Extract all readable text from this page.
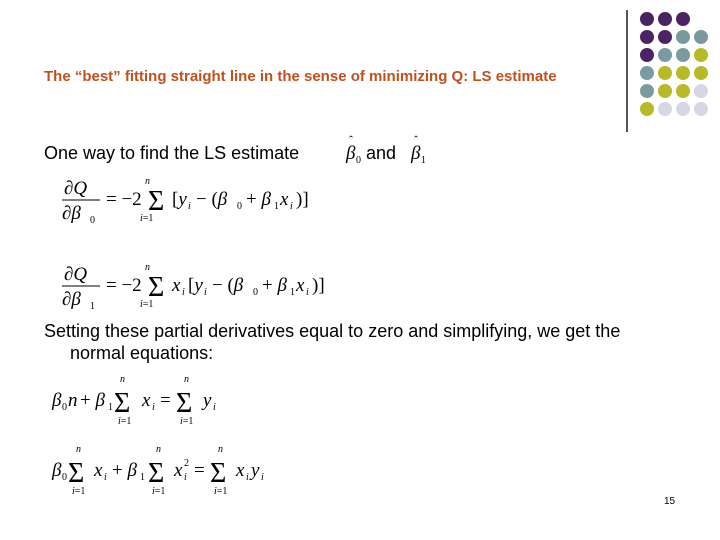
The “best” fitting straight line in the sense of minimizing Q: LS estimate
One way to find the LS estimate β 0
ˆ
β 1
ˆ
and
∂Q
∂β 0
= −2 Σ
n
i=1
[y i − (β 0 + β 1 x i )]
∂Q
∂β 1
= −2 Σ
n
i=1
x i [y i − (β 0 + β 1 x i )]
Setting these partial derivatives equal to zero and simplifying, we get the
normal equations:
β 0 n + β 1 Σ
n
i=1
x i = Σ
n
i=1
y i
β 0 Σ
n
i=1
x i + β 1 Σ
n
i=1
x i
2 = Σ
n
i=1
x i y i
15
